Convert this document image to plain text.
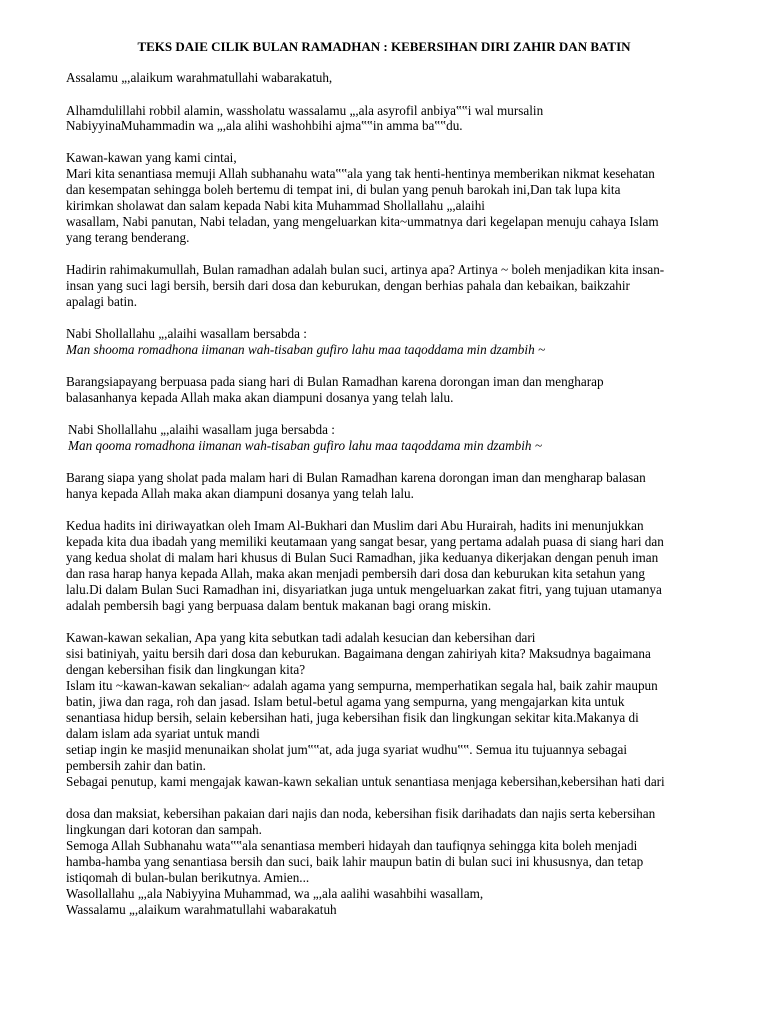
TEKS DAIE CILIK BULAN RAMADHAN : KEBERSIHAN DIRI ZAHIR DAN BATIN
Assalamu „,alaikum warahmatullahi wabarakatuh,
Alhamdulillahi robbil alamin, wassholatu wassalamu „,ala asyrofil anbiya‟‟i wal mursalin
NabiyyinaMuhammadin wa „,ala alihi washohbihi ajma‟‟in amma ba‟‟du.
Kawan-kawan yang kami cintai,
Mari kita senantiasa memuji Allah subhanahu wata‟‟ala yang tak henti-hentinya memberikan nikmat kesehatan
dan kesempatan sehingga boleh bertemu di tempat ini, di bulan yang penuh barokah ini,Dan tak lupa kita
kirimkan sholawat dan salam kepada Nabi kita Muhammad Shollallahu „,alaihi
wasallam, Nabi panutan, Nabi teladan, yang mengeluarkan kita~ummatnya dari kegelapan menuju cahaya Islam
yang terang benderang.
Hadirin rahimakumullah, Bulan ramadhan adalah bulan suci, artinya apa? Artinya ~ boleh menjadikan kita insan-
insan yang suci lagi bersih, bersih dari dosa dan keburukan, dengan berhias pahala dan kebaikan, baikzahir
apalagi batin.
Nabi Shollallahu „,alaihi wasallam bersabda :
Man shooma romadhona iimanan wah-tisaban gufiro lahu maa taqoddama min dzambih ~
Barangsiapayang berpuasa pada siang hari di Bulan Ramadhan karena dorongan iman dan mengharap
balasanhanya kepada Allah maka akan diampuni dosanya yang telah lalu.
Nabi Shollallahu „,alaihi wasallam juga bersabda :
Man qooma romadhona iimanan wah-tisaban gufiro lahu maa taqoddama min dzambih ~
Barang siapa yang sholat pada malam hari di Bulan Ramadhan karena dorongan iman dan mengharap balasan
hanya kepada Allah maka akan diampuni dosanya yang telah lalu.
Kedua hadits ini diriwayatkan oleh Imam Al-Bukhari dan Muslim dari Abu Hurairah, hadits ini menunjukkan
kepada kita dua ibadah yang memiliki keutamaan yang sangat besar, yang pertama adalah puasa di siang hari dan
yang kedua sholat di malam hari khusus di Bulan Suci Ramadhan, jika keduanya dikerjakan dengan penuh iman
dan rasa harap hanya kepada Allah, maka akan menjadi pembersih dari dosa dan keburukan kita setahun yang
lalu.Di dalam Bulan Suci Ramadhan ini, disyariatkan juga untuk mengeluarkan zakat fitri, yang tujuan utamanya
adalah pembersih bagi yang berpuasa dalam bentuk makanan bagi orang miskin.
Kawan-kawan sekalian, Apa yang kita sebutkan tadi adalah kesucian dan kebersihan dari
sisi batiniyah, yaitu bersih dari dosa dan keburukan. Bagaimana dengan zahiriyah kita? Maksudnya bagaimana
dengan kebersihan fisik dan lingkungan kita?
Islam itu ~kawan-kawan sekalian~ adalah agama yang sempurna, memperhatikan segala hal, baik zahir maupun
batin, jiwa dan raga, roh dan jasad. Islam betul-betul agama yang sempurna, yang mengajarkan kita untuk
senantiasa hidup bersih, selain kebersihan hati, juga kebersihan fisik dan lingkungan sekitar kita.Makanya di
dalam islam ada syariat untuk mandi
setiap ingin ke masjid menunaikan sholat jum‟‟at, ada juga syariat wudhu‟‟. Semua itu tujuannya sebagai
pembersih zahir dan batin.
Sebagai penutup, kami mengajak kawan-kawn sekalian untuk senantiasa menjaga kebersihan,kebersihan hati dari
dosa dan maksiat, kebersihan pakaian dari najis dan noda, kebersihan fisik darihadats dan najis serta kebersihan
lingkungan dari kotoran dan sampah.
Semoga Allah Subhanahu wata‟‟ala senantiasa memberi hidayah dan taufiqnya sehingga kita boleh menjadi
hamba-hamba yang senantiasa bersih dan suci, baik lahir maupun batin di bulan suci ini khususnya, dan tetap
istiqomah di bulan-bulan berikutnya. Amien...
Wasollallahu „,ala Nabiyyina Muhammad, wa „,ala aalihi wasahbihi wasallam,
Wassalamu „,alaikum warahmatullahi wabarakatuh
